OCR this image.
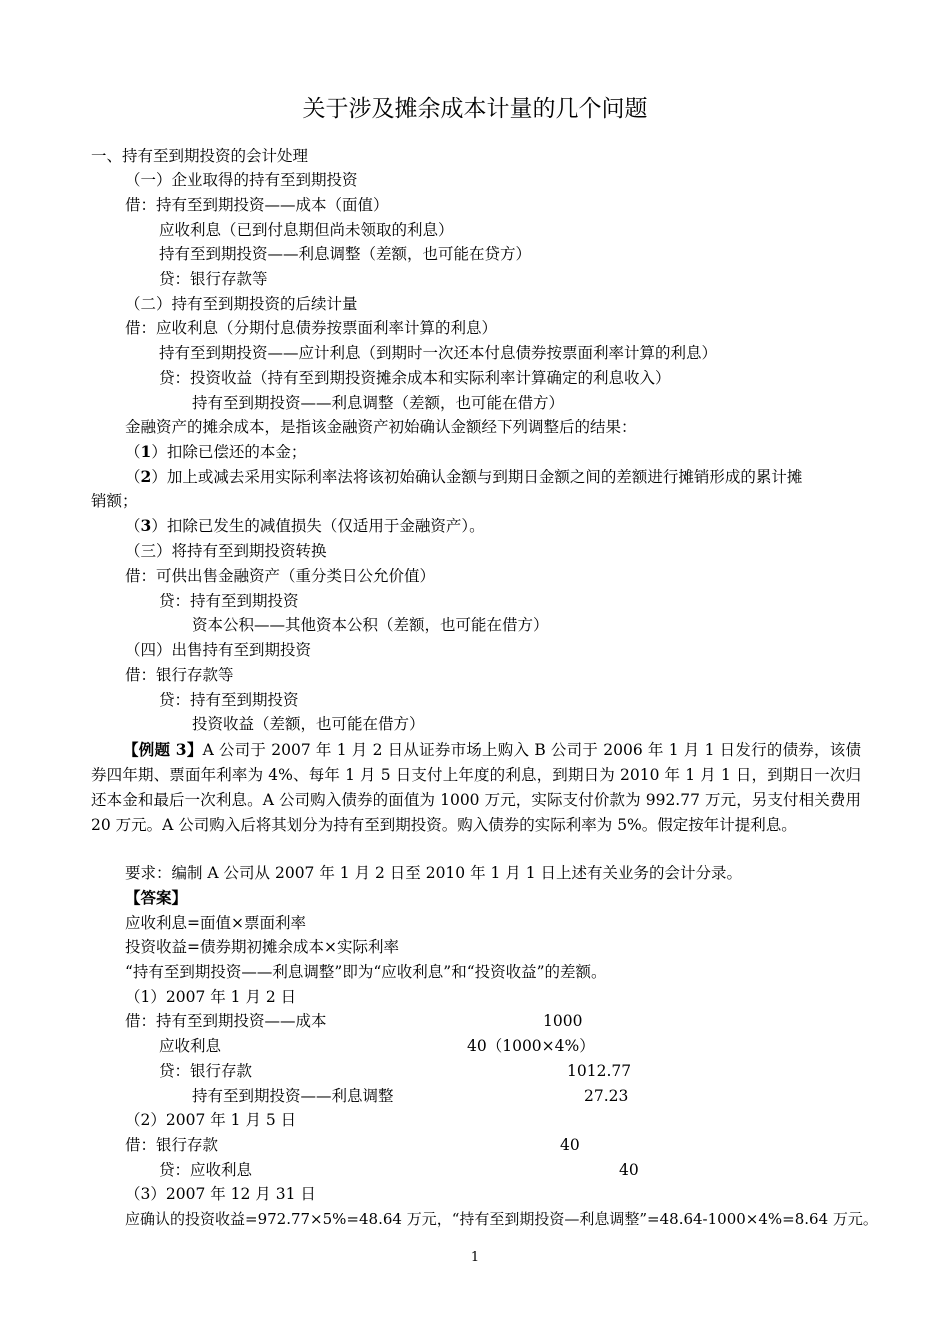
关于涉及摊余成本计量的几个问题
一、持有至到期投资的会计处理
（一）企业取得的持有至到期投资
借：持有至到期投资——成本（面值）
应收利息（已到付息期但尚未领取的利息）
持有至到期投资——利息调整（差额，也可能在贷方）
贷：银行存款等
（二）持有至到期投资的后续计量
借：应收利息（分期付息债券按票面利率计算的利息）
持有至到期投资——应计利息（到期时一次还本付息债券按票面利率计算的利息）
贷：投资收益（持有至到期投资摊余成本和实际利率计算确定的利息收入）
持有至到期投资——利息调整（差额，也可能在借方）
金融资产的摊余成本，是指该金融资产初始确认金额经下列调整后的结果：
（1）扣除已偿还的本金；
（2）加上或减去采用实际利率法将该初始确认金额与到期日金额之间的差额进行摊销形成的累计摊
销额；
（3）扣除已发生的减值损失（仅适用于金融资产）。
（三）将持有至到期投资转换
借：可供出售金融资产（重分类日公允价值）
贷：持有至到期投资
资本公积——其他资本公积（差额，也可能在借方）
（四）出售持有至到期投资
借：银行存款等
贷：持有至到期投资
投资收益（差额，也可能在借方）
【例题 3】A 公司于 2007 年 1 月 2 日从证券市场上购入 B 公司于 2006 年 1 月 1 日发行的债券，该债券四年期、票面年利率为 4%、每年 1 月 5 日支付上年度的利息，到期日为 2010 年 1 月 1 日，到期日一次归还本金和最后一次利息。A 公司购入债券的面值为 1000 万元，实际支付价款为 992.77 万元，另支付相关费用 20 万元。A 公司购入后将其划分为持有至到期投资。购入债券的实际利率为 5%。假定按年计提利息。
要求：编制 A 公司从 2007 年 1 月 2 日至 2010 年 1 月 1 日上述有关业务的会计分录。
【答案】
应收利息=面值×票面利率
投资收益=债券期初摊余成本×实际利率
“持有至到期投资——利息调整”即为“应收利息”和“投资收益”的差额。
（1）2007 年 1 月 2 日
借：持有至到期投资——成本	1000
应收利息	40（1000×4%）
贷：银行存款	1012.77
持有至到期投资——利息调整	27.23
（2）2007 年 1 月 5 日
借：银行存款	40
贷：应收利息	40
（3）2007 年 12 月 31 日
应确认的投资收益=972.77×5%=48.64 万元，“持有至到期投资—利息调整”=48.64-1000×4%=8.64 万元。
1
